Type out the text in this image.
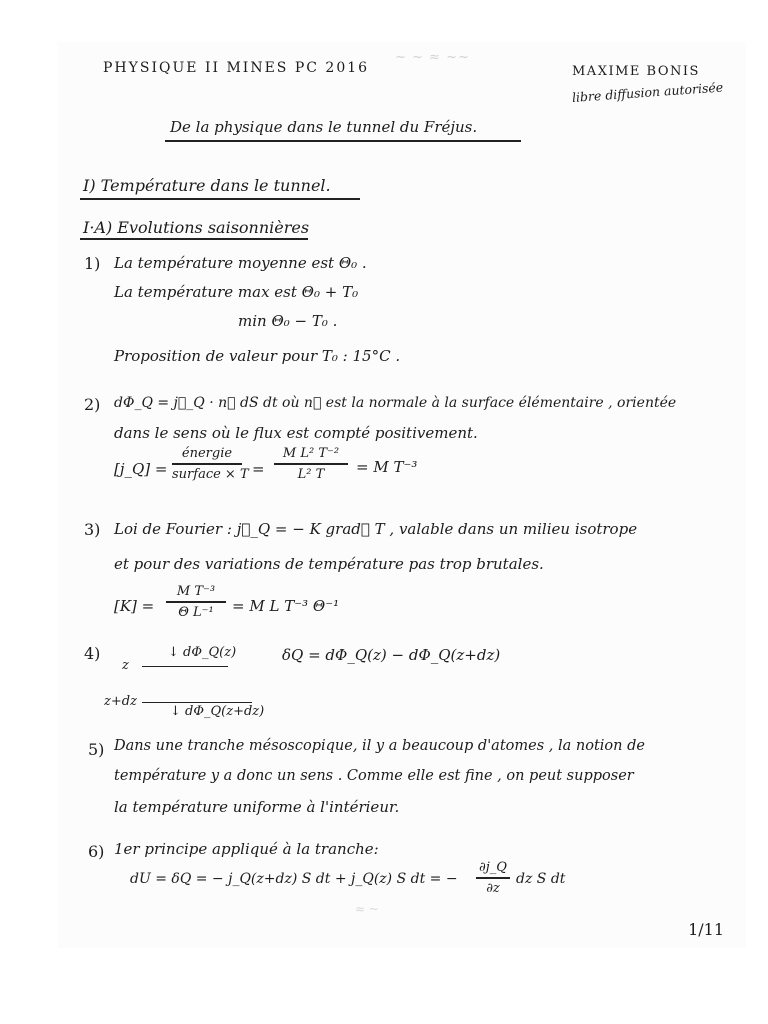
~ ~ ≈ ~~
≈ ~
PHYSIQUE II MINES PC 2016	MAXIME BONIS
libre diffusion autorisée
De la physique dans le tunnel du Fréjus.
I) Température dans le tunnel.
I·A) Evolutions saisonnières
1) La température moyenne est Θ₀ .
La température max est Θ₀ + T₀
min Θ₀ − T₀ .
Proposition de valeur pour T₀ : 15°C .
2) dΦ_Q = j⃗_Q · n⃗ dS dt où n⃗ est la normale à la surface élémentaire , orientée
dans le sens où le flux est compté positivement.
[j_Q] =
énergie
surface × T =
M L² T⁻²
L² T	= M T⁻³
3) Loi de Fourier : j⃗_Q = − K grad⃗ T , valable dans un milieu isotrope
et pour des variations de température pas trop brutales.
[K] =
M T⁻³
Θ L⁻¹	= M L T⁻³ Θ⁻¹
4)
z
↓ dΦ_Q(z)	δQ = dΦ_Q(z) − dΦ_Q(z+dz)
z+dz
↓ dΦ_Q(z+dz)
5) Dans une tranche mésoscopique, il y a beaucoup d'atomes , la notion de
température y a donc un sens . Comme elle est fine , on peut supposer
la température uniforme à l'intérieur.
6) 1er principe appliqué à la tranche:
dU = δQ = − j_Q(z+dz) S dt + j_Q(z) S dt = −
∂j_Q
∂z
dz S dt
1/11
